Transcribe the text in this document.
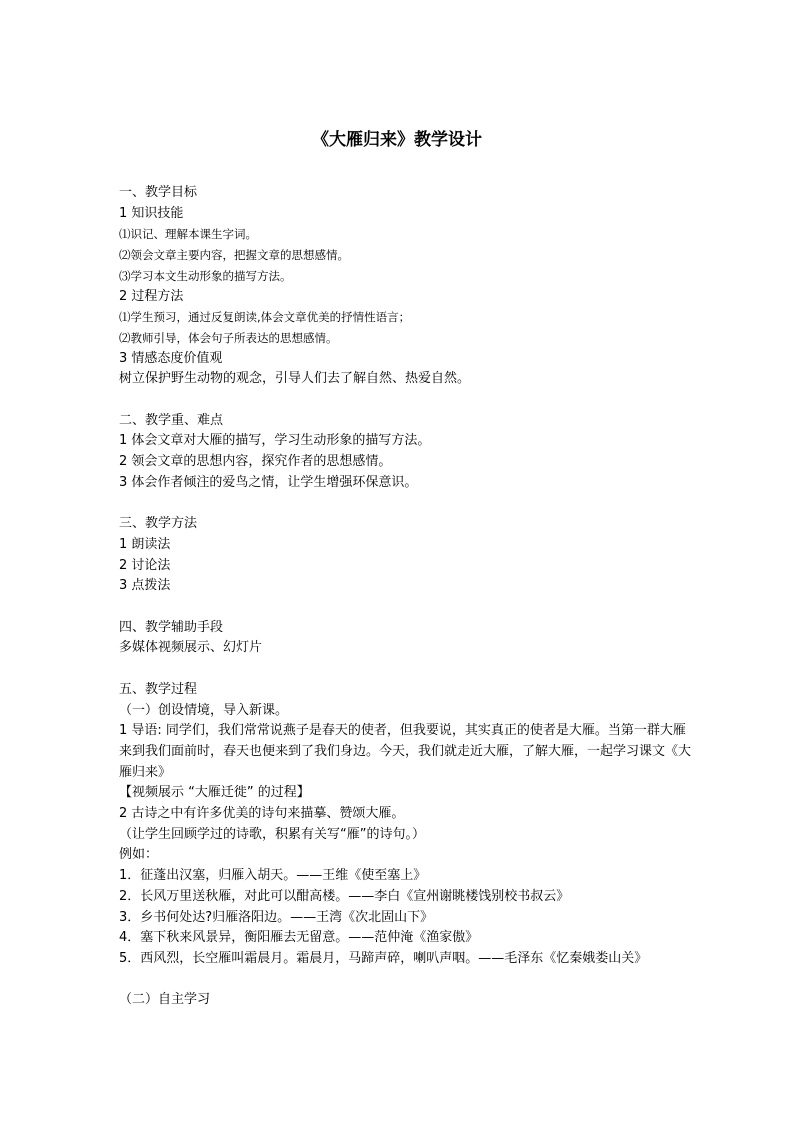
《大雁归来》教学设计
一、教学目标
1 知识技能
⑴识记、理解本课生字词。
⑵领会文章主要内容，把握文章的思想感情。
⑶学习本文生动形象的描写方法。
2 过程方法
⑴学生预习，通过反复朗读,体会文章优美的抒情性语言；
⑵教师引导，体会句子所表达的思想感情。
3 情感态度价值观
树立保护野生动物的观念，引导人们去了解自然、热爱自然。
二、教学重、难点
1 体会文章对大雁的描写，学习生动形象的描写方法。
2 领会文章的思想内容，探究作者的思想感情。
3 体会作者倾注的爱鸟之情，让学生增强环保意识。
三、教学方法
1 朗读法
2 讨论法
3 点拨法
四、教学辅助手段
多媒体视频展示、幻灯片
五、教学过程
（一）创设情境，导入新课。
1 导语: 同学们，我们常常说燕子是春天的使者，但我要说，其实真正的使者是大雁。当第一群大雁来到我们面前时，春天也便来到了我们身边。今天，我们就走近大雁，了解大雁，一起学习课文《大雁归来》
【视频展示 “大雁迁徙” 的过程】
2 古诗之中有许多优美的诗句来描摹、赞颂大雁。
（让学生回顾学过的诗歌，积累有关写“雁”的诗句。）
例如：
1．征蓬出汉塞，归雁入胡天。——王维《使至塞上》
2．长风万里送秋雁，对此可以酣高楼。——李白《宣州谢眺楼饯别校书叔云》
3．乡书何处达?归雁洛阳边。——王湾《次北固山下》
4．塞下秋来风景异，衡阳雁去无留意。——范仲淹《渔家傲》
5．西风烈，长空雁叫霜晨月。霜晨月，马蹄声碎，喇叭声咽。——毛泽东《忆秦娥娄山关》
（二）自主学习
